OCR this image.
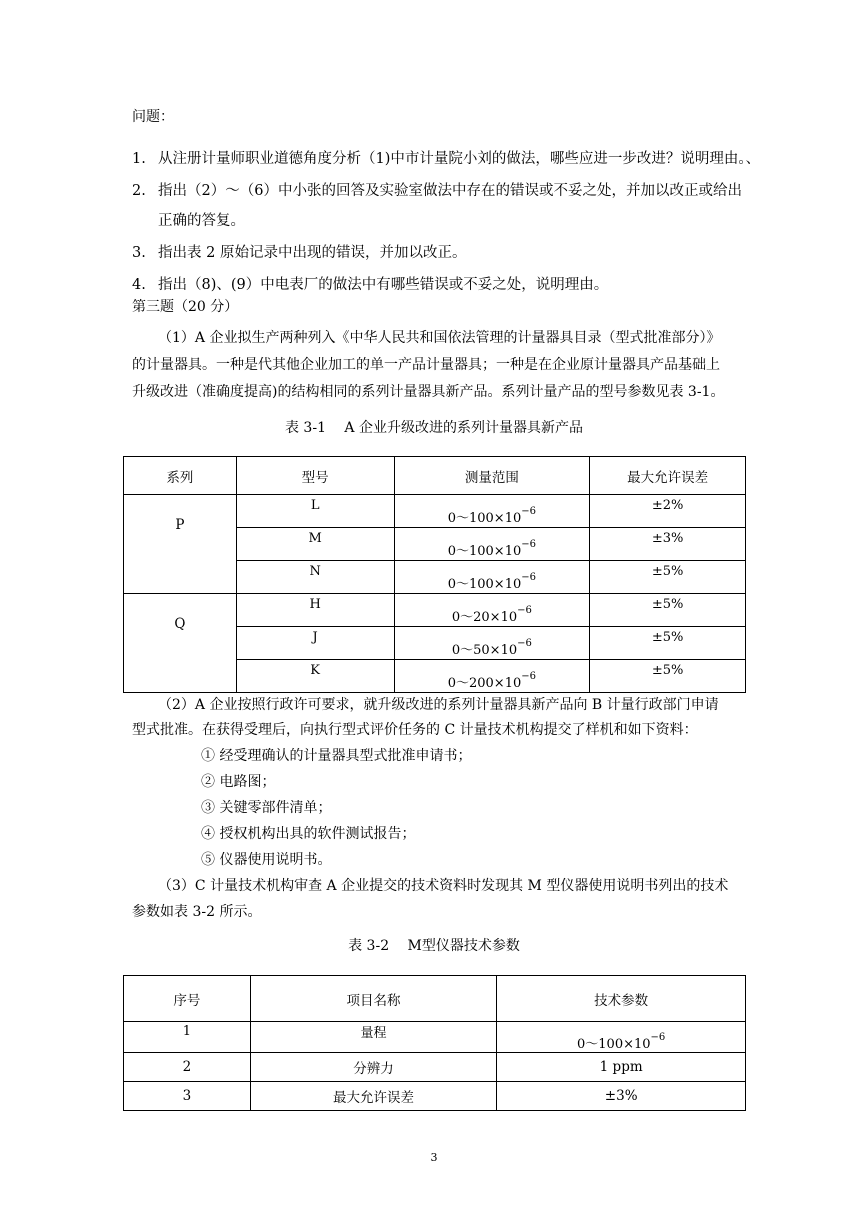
问题：
1. 从注册计量师职业道德角度分析（1)中市计量院小刘的做法，哪些应进一步改进？说明理由。、
2. 指出（2）～（6）中小张的回答及实验室做法中存在的错误或不妥之处，并加以改正或给出
正确的答复。
3. 指出表 2 原始记录中出现的错误，并加以改正。
4. 指出（8)、(9）中电表厂的做法中有哪些错误或不妥之处，说明理由。
第三题（20 分）
（1）A 企业拟生产两种列入《中华人民共和国依法管理的计量器具目录（型式批准部分）》
的计量器具。一种是代其他企业加工的单一产品计量器具；一种是在企业原计量器具产品基础上
升级改进（准确度提高)的结构相同的系列计量器具新产品。系列计量产品的型号参数见表 3-1。
表 3-1　 A 企业升级改进的系列计量器具新产品
系列	型号	测量范围	最大允许误差
P	L	$0\sim 100\times 10^{-6}$	±2%
	M	$0\sim 100\times 10^{-6}$	±3%
	N	$0\sim 100\times 10^{-6}$	±5%
Q	H	$0\sim 20\times 10^{-6}$	±5%
	J	$0\sim 50\times 10^{-6}$	±5%
	K	$0\sim 200\times 10^{-6}$	±5%
（2）A 企业按照行政许可要求，就升级改进的系列计量器具新产品向 B 计量行政部门申请
型式批准。在获得受理后，向执行型式评价任务的 C 计量技术机构提交了样机和如下资料：
① 经受理确认的计量器具型式批准申请书；
② 电路图；
③ 关键零部件清单；
④ 授权机构出具的软件测试报告；
⑤ 仪器使用说明书。
（3）C 计量技术机构审查 A 企业提交的技术资料时发现其 M 型仪器使用说明书列出的技术
参数如表 3-2 所示。
表 3-2　 M型仪器技术参数
序号	项目名称	技术参数
1	量程	$0\sim 100\times 10^{-6}$
2	分辨力	1 ppm
3	最大允许误差	±3%
3
